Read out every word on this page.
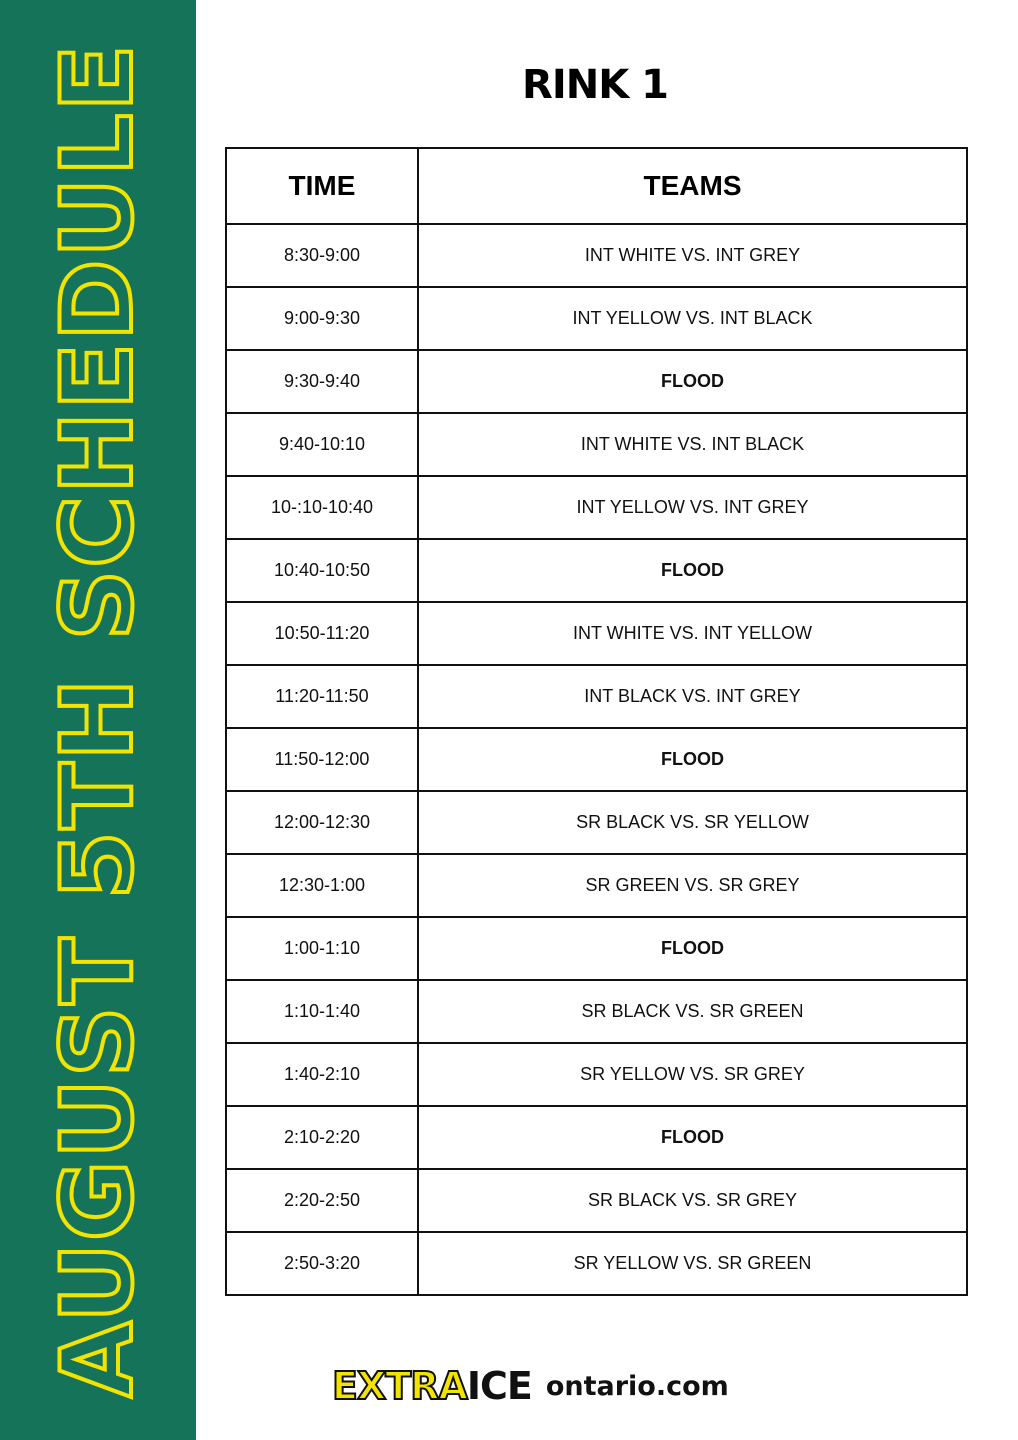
AUGUST 5TH SCHEDULE	RINK 1
TIME	TEAMS
8:30-9:00	INT WHITE VS. INT GREY
9:00-9:30	INT YELLOW VS. INT BLACK
9:30-9:40	FLOOD
9:40-10:10	INT WHITE VS. INT BLACK
10-:10-10:40	INT YELLOW VS. INT GREY
10:40-10:50	FLOOD
10:50-11:20	INT WHITE VS. INT YELLOW
11:20-11:50	INT BLACK VS. INT GREY
11:50-12:00	FLOOD
12:00-12:30	SR BLACK VS. SR YELLOW
12:30-1:00	SR GREEN VS. SR GREY
1:00-1:10	FLOOD
1:10-1:40	SR BLACK VS. SR GREEN
1:40-2:10	SR YELLOW VS. SR GREY
2:10-2:20	FLOOD
2:20-2:50	SR BLACK VS. SR GREY
2:50-3:20	SR YELLOW VS. SR GREEN
EXTRA ICE ontario.com
